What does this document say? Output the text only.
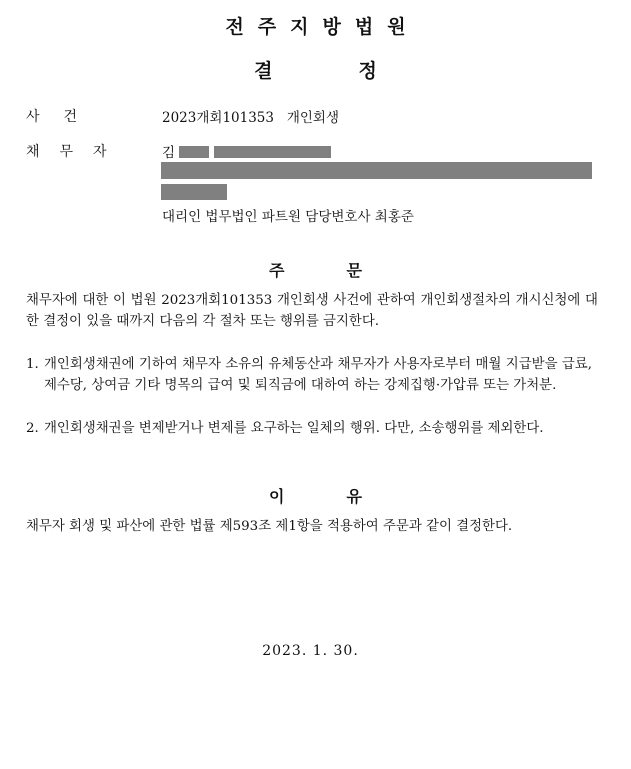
전주지방법원
결정
사건	2023개회101353   개인회생
채무자	김
대리인 법무법인 파트원 담당변호사 최홍준
주문
채무자에 대한 이 법원 2023개회101353 개인회생 사건에 관하여 개인회생절차의 개시신청에 대한 결정이 있을 때까지 다음의 각 절차 또는 행위를 금지한다.
1. 개인회생채권에 기하여 채무자 소유의 유체동산과 채무자가 사용자로부터 매월 지급받을 급료, 제수당, 상여금 기타 명목의 급여 및 퇴직금에 대하여 하는 강제집행·가압류 또는 가처분.
2. 개인회생채권을 변제받거나 변제를 요구하는 일체의 행위. 다만, 소송행위를 제외한다.
이유
채무자 회생 및 파산에 관한 법률 제593조 제1항을 적용하여 주문과 같이 결정한다.
2023. 1. 30.
